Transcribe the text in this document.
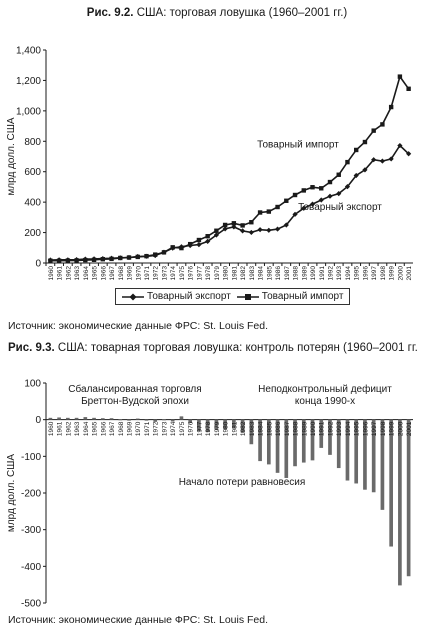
Рис. 9.2. США: торговая ловушка (1960–2001 гг.)
0
200
400
600
800
1,000
1,200
1,400
1960 1961 1962 1963 1964 1965 1966 1967 1968 1969 1970 1971 1972 1973 1974 1975 1976 1977 1978 1979 1980 1981 1982 1983 1984 1985 1986 1987 1988 1989 1990 1991 1992 1993 1994 1995 1996 1997 1998 1999 2000 2001
млрд долл. США	Товарный импорт
Товарный экспорт
Товарный экспорт	Товарный импорт
Источник: экономические данные ФРС: St. Louis Fed.
Рис. 9.3. США: товарная торговая ловушка: контроль потерян (1960–2001 гг.
100
0
-100
-200
-300
-400
-500
млрд долл. США
1960 1961 1962 1963 1964 1965 1966 1967 1968 1969 1970 1971 1972 1973 1974 1975 1976 1977 1978 1979 1980 1981 1982 1983 1984 1985 1986 1987 1988 1989 1990 1991 1992 1993 1994 1995 1996 1997 1998 1999 2000 2001
Сбалансированная торговля
Бреттон-Вудской эпохи
Неподконтрольный дефицит
конца 1990-х
Начало потери равновесия
Источник: экономические данные ФРС: St. Louis Fed.
